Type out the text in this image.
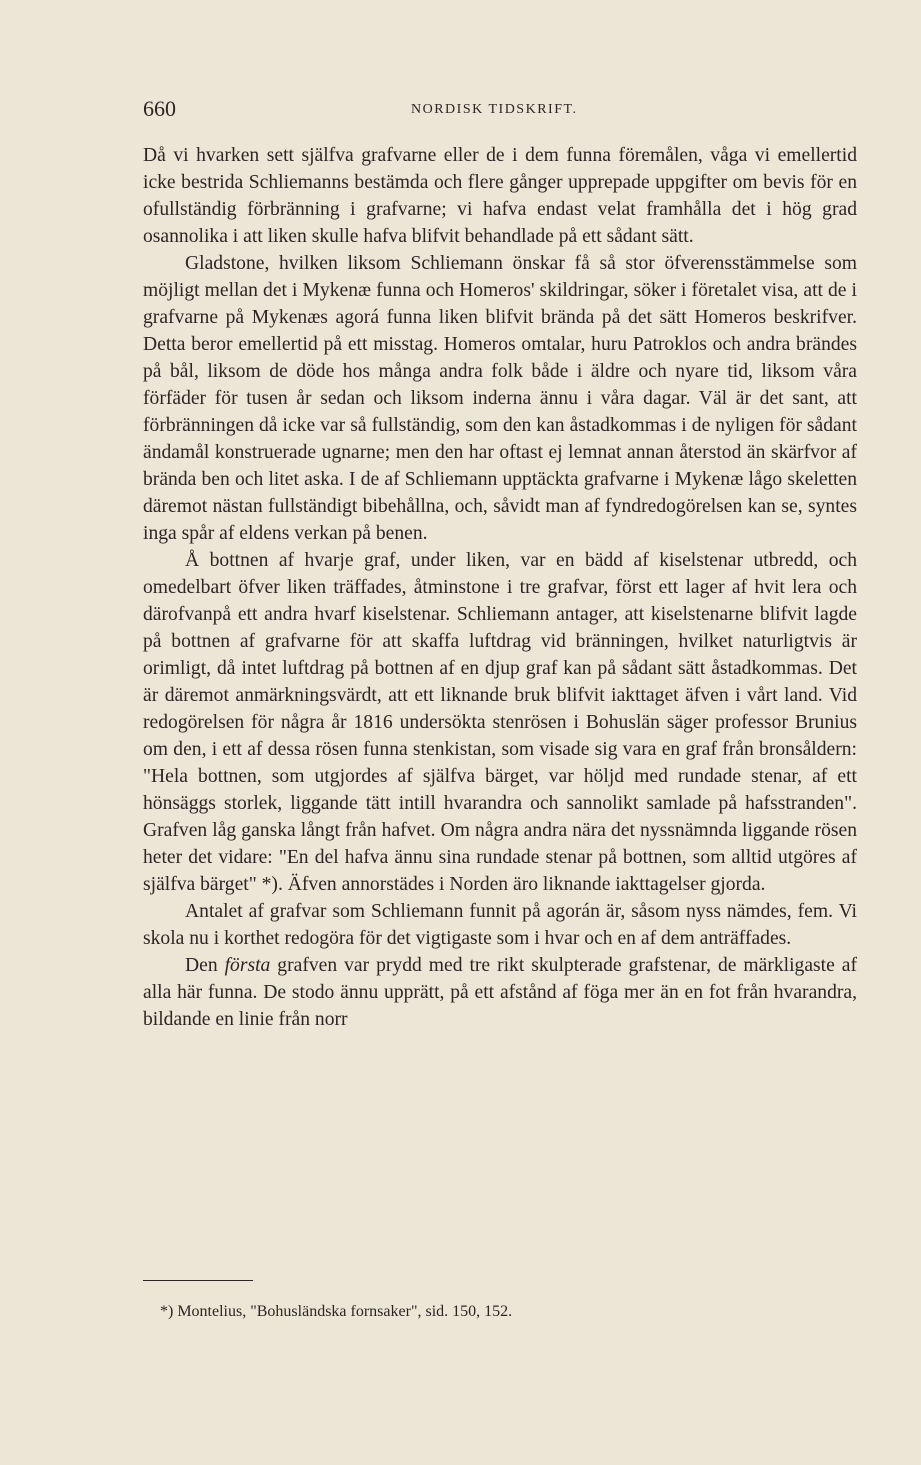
660	NORDISK TIDSKRIFT.

Då vi hvarken sett själfva grafvarne eller de i dem funna föremålen, våga vi emellertid icke bestrida Schliemanns bestämda och flere gånger upprepade uppgifter om bevis för en ofullständig förbränning i grafvarne; vi hafva endast velat framhålla det i hög grad osannolika i att liken skulle hafva blifvit behandlade på ett sådant sätt.

Gladstone, hvilken liksom Schliemann önskar få så stor öfverensstämmelse som möjligt mellan det i Mykenæ funna och Homeros' skildringar, söker i företalet visa, att de i grafvarne på Mykenæs agorá funna liken blifvit brända på det sätt Homeros beskrifver. Detta beror emellertid på ett misstag. Homeros omtalar, huru Patroklos och andra brändes på bål, liksom de döde hos många andra folk både i äldre och nyare tid, liksom våra förfäder för tusen år sedan och liksom inderna ännu i våra dagar. Väl är det sant, att förbränningen då icke var så fullständig, som den kan åstadkommas i de nyligen för sådant ändamål konstruerade ugnarne; men den har oftast ej lemnat annan återstod än skärfvor af brända ben och litet aska. I de af Schliemann upptäckta grafvarne i Mykenæ lågo skeletten däremot nästan fullständigt bibehållna, och, såvidt man af fyndredogörelsen kan se, syntes inga spår af eldens verkan på benen.

Å bottnen af hvarje graf, under liken, var en bädd af kiselstenar utbredd, och omedelbart öfver liken träffades, åtminstone i tre grafvar, först ett lager af hvit lera och därofvanpå ett andra hvarf kiselstenar. Schliemann antager, att kiselstenarne blifvit lagde på bottnen af grafvarne för att skaffa luftdrag vid bränningen, hvilket naturligtvis är orimligt, då intet luftdrag på bottnen af en djup graf kan på sådant sätt åstadkommas. Det är däremot anmärkningsvärdt, att ett liknande bruk blifvit iakttaget äfven i vårt land. Vid redogörelsen för några år 1816 undersökta stenrösen i Bohuslän säger professor Brunius om den, i ett af dessa rösen funna stenkistan, som visade sig vara en graf från bronsåldern: "Hela bottnen, som utgjordes af själfva bärget, var höljd med rundade stenar, af ett hönsäggs storlek, liggande tätt intill hvarandra och sannolikt samlade på hafsstranden". Grafven låg ganska långt från hafvet. Om några andra nära det nyssnämnda liggande rösen heter det vidare: "En del hafva ännu sina rundade stenar på bottnen, som alltid utgöres af själfva bärget" *). Äfven annorstädes i Norden äro liknande iakttagelser gjorda.

Antalet af grafvar som Schliemann funnit på agorán är, såsom nyss nämdes, fem. Vi skola nu i korthet redogöra för det vigtigaste som i hvar och en af dem anträffades.

Den första grafven var prydd med tre rikt skulpterade grafstenar, de märkligaste af alla här funna. De stodo ännu upprätt, på ett afstånd af föga mer än en fot från hvarandra, bildande en linie från norr

*) Montelius, "Bohusländska fornsaker", sid. 150, 152.
